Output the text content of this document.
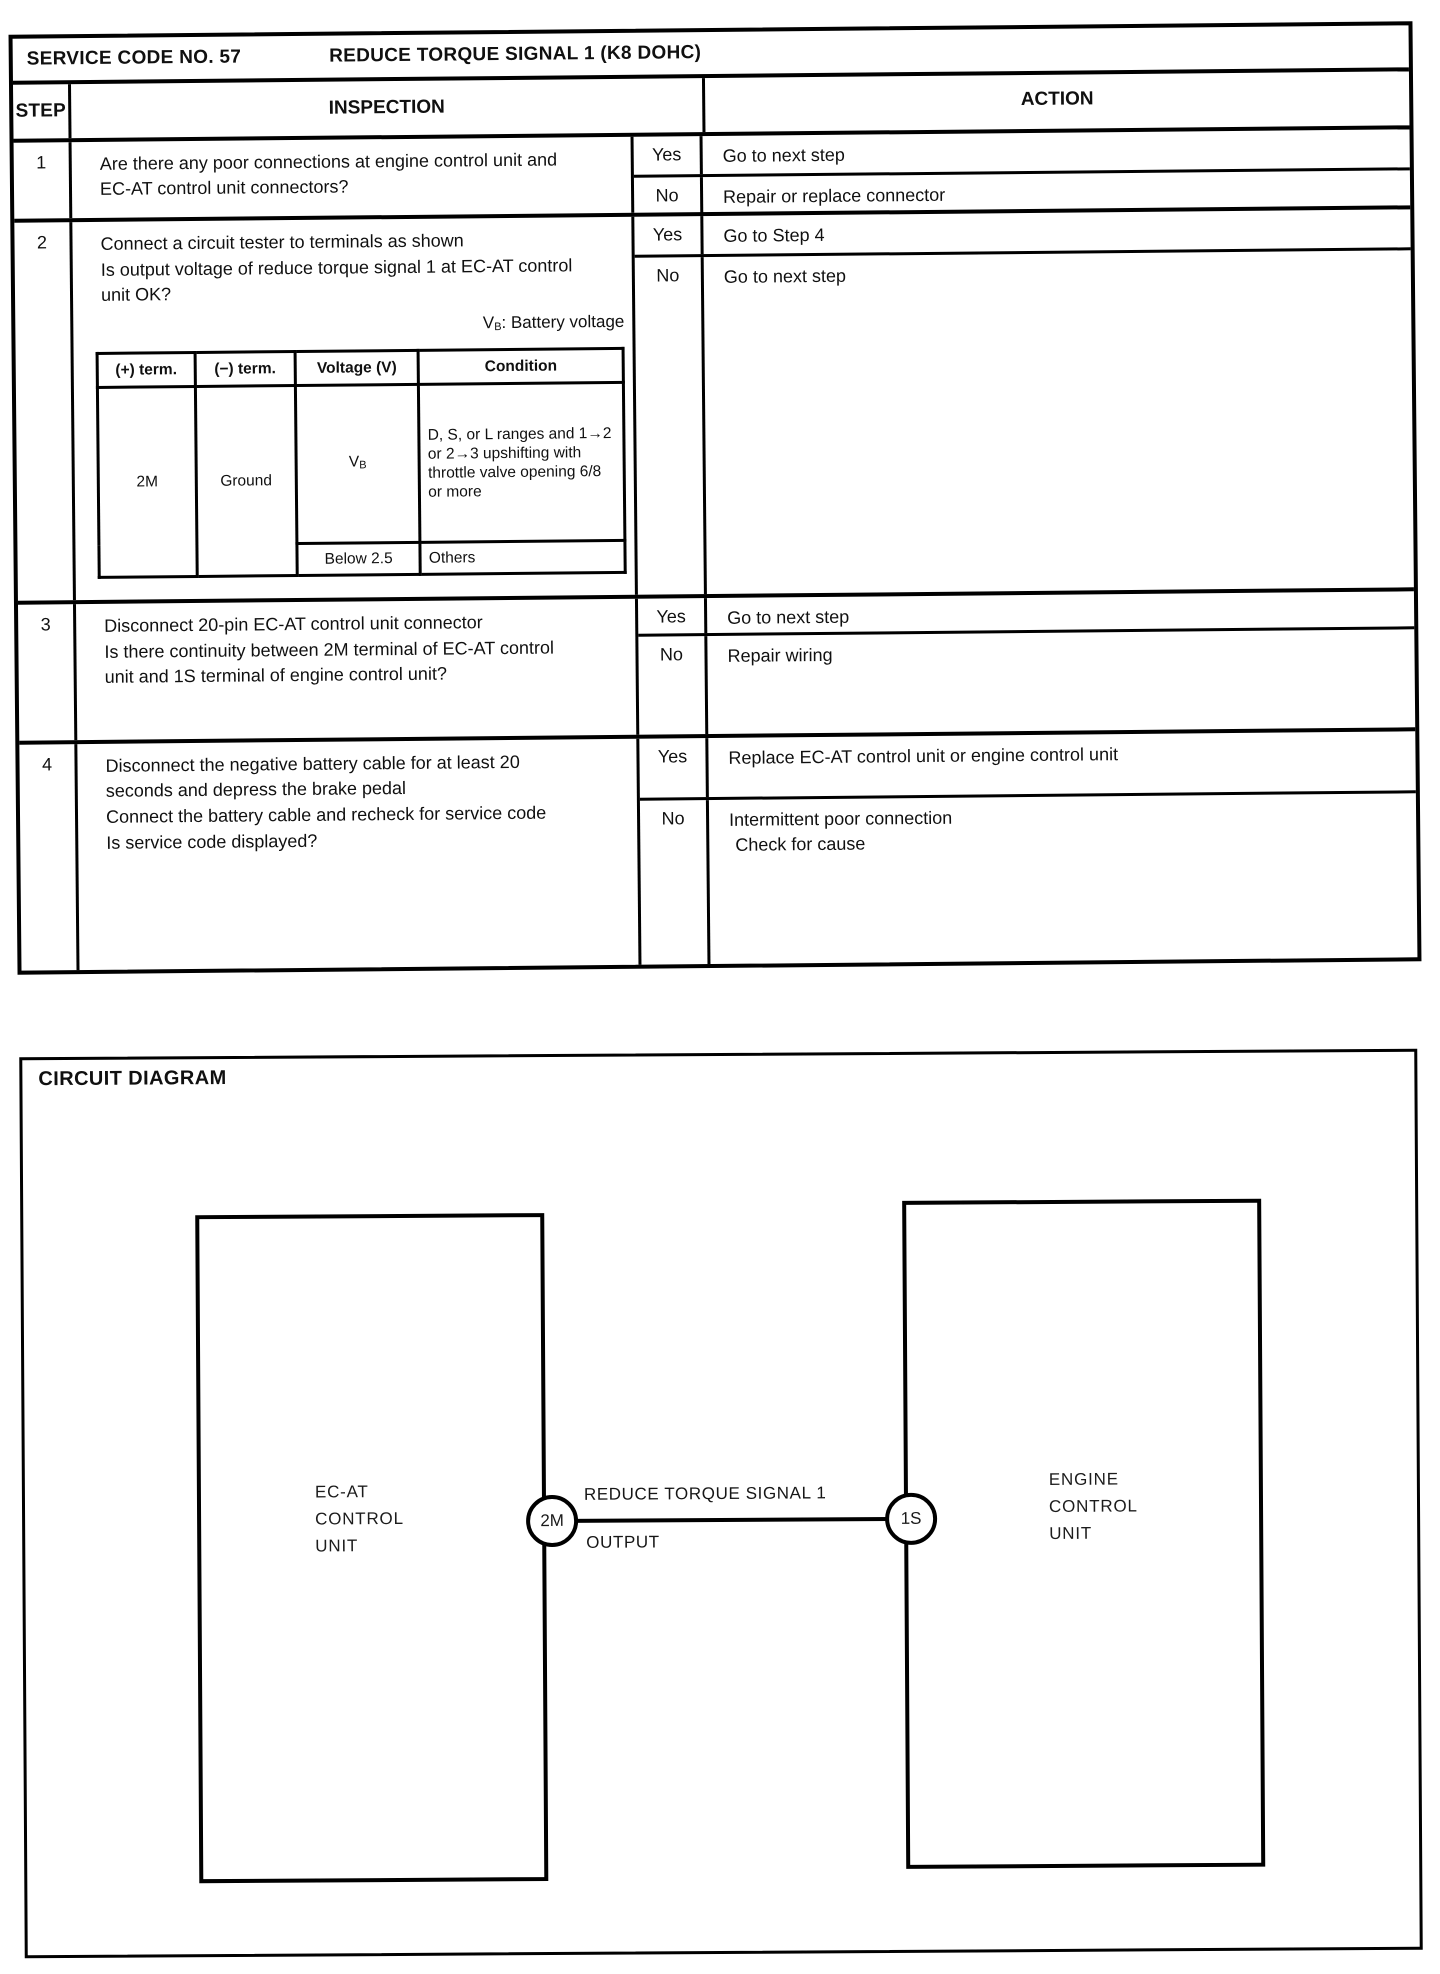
SERVICE CODE NO. 57	REDUCE TORQUE SIGNAL 1 (K8 DOHC)
STEP	INSPECTION	ACTION
1	Are there any poor connections at engine control unit and EC-AT control unit connectors?
Yes	Go to next step
No	Repair or replace connector
2	Connect a circuit tester to terminals as shown
Is output voltage of reduce torque signal 1 at EC-AT control unit OK?
$V_B$: Battery voltage
(+) term.	(−) term.	Voltage (V)	Condition
2M	Ground	$V_B$	D, S, or L ranges and 1→2 or 2→3 upshifting with throttle valve opening 6/8 or more
		Below 2.5	Others
Yes	Go to Step 4
No	Go to next step
3	Disconnect 20-pin EC-AT control unit connector
Is there continuity between 2M terminal of EC-AT control unit and 1S terminal of engine control unit?
Yes	Go to next step
No	Repair wiring
4	Disconnect the negative battery cable for at least 20 seconds and depress the brake pedal
Connect the battery cable and recheck for service code
Is service code displayed?
Yes	Replace EC-AT control unit or engine control unit
No	Intermittent poor connection
Check for cause
CIRCUIT DIAGRAM
EC-AT
CONTROL
UNIT
ENGINE
CONTROL
UNIT
REDUCE TORQUE SIGNAL 1
OUTPUT
2M	1S
